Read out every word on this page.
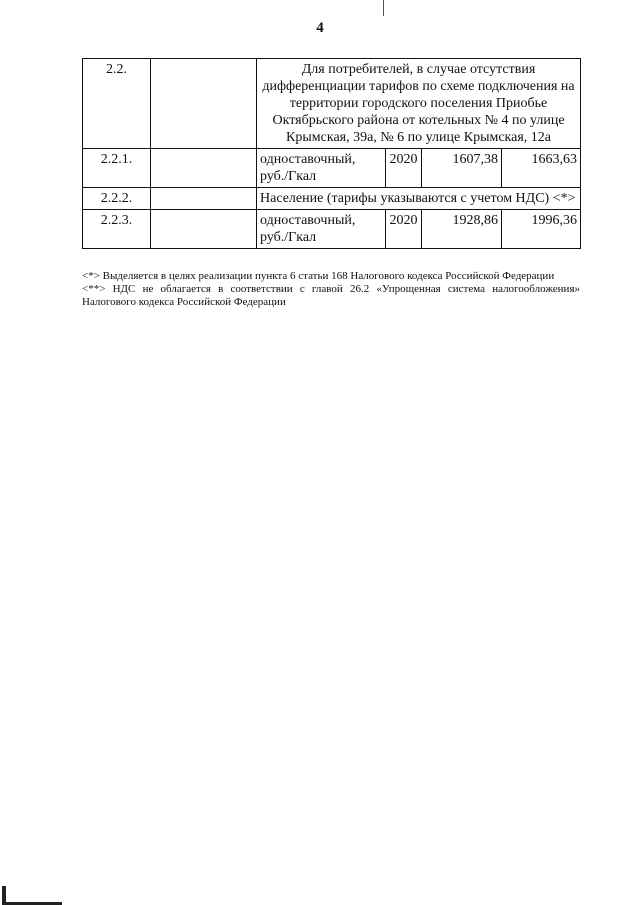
4
2.2.		Для потребителей, в случае отсутствия дифференциации тарифов по схеме подключения на территории городского поселения Приобье Октябрьского района от котельных № 4 по улице Крымская, 39а, № 6 по улице Крымская, 12а			
2.2.1.		одноставочный, руб./Гкал	2020	1607,38	1663,63
2.2.2.		Население (тарифы указываются с учетом НДС) <*>			
2.2.3.		одноставочный, руб./Гкал	2020	1928,86	1996,36

<*> Выделяется в целях реализации пункта 6 статьи 168 Налогового кодекса Российской Федерации

<**> НДС не облагается в соответствии с главой 26.2 «Упрощенная система налогообложения» Налогового кодекса Российской Федерации
